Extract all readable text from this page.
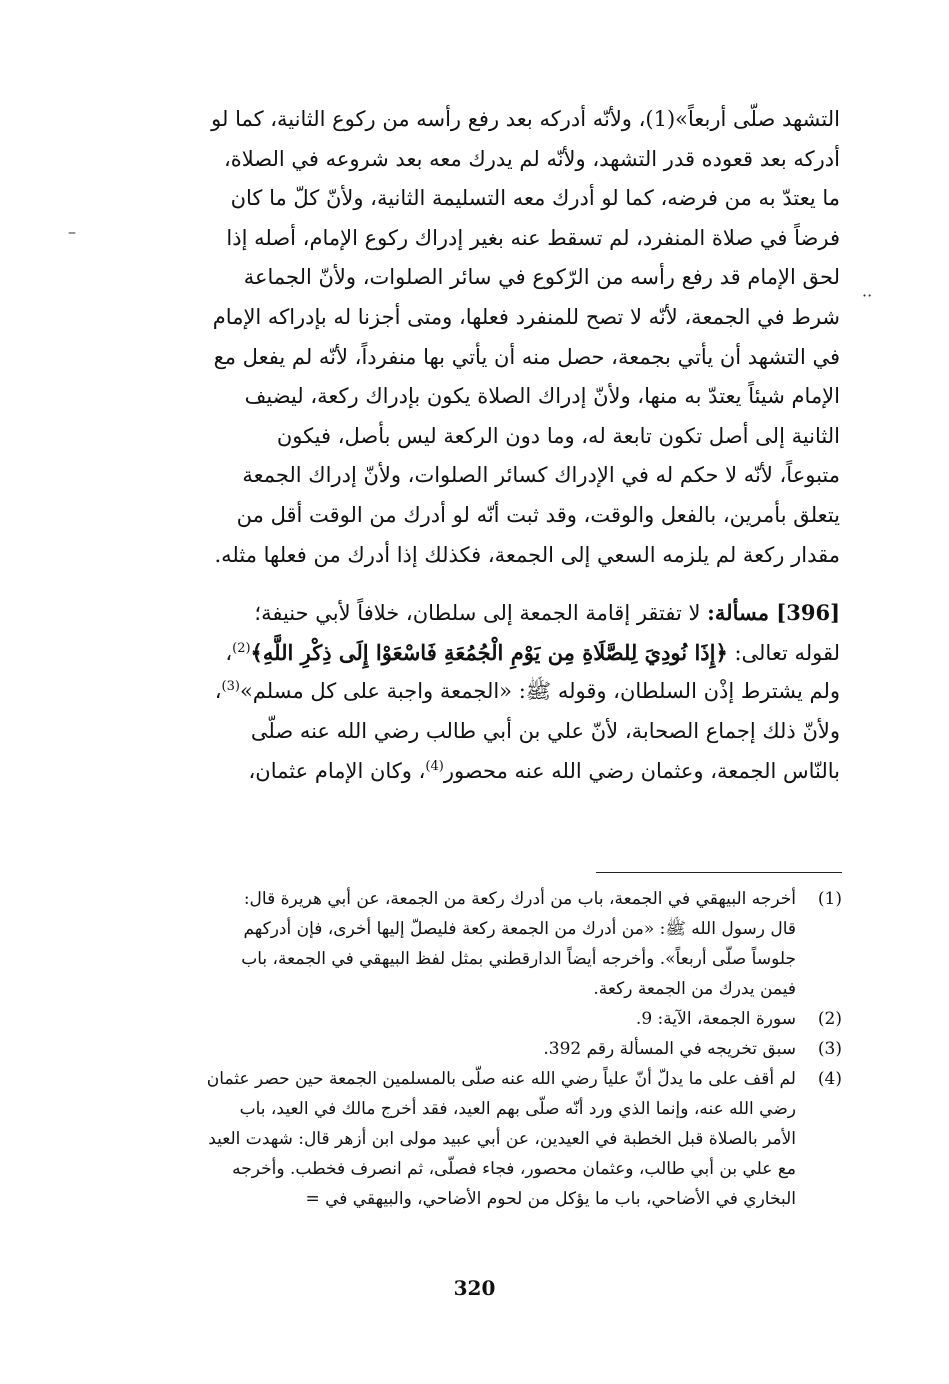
–
··
التشهد صلّى أربعاً»(1)، ولأنّه أدركه بعد رفع رأسه من ركوع الثانية، كما لو
أدركه بعد قعوده قدر التشهد، ولأنّه لم يدرك معه بعد شروعه في الصلاة،
ما يعتدّ به من فرضه، كما لو أدرك معه التسليمة الثانية، ولأنّ كلّ ما كان
فرضاً في صلاة المنفرد، لم تسقط عنه بغير إدراك ركوع الإمام، أصله إذا
لحق الإمام قد رفع رأسه من الرّكوع في سائر الصلوات، ولأنّ الجماعة
شرط في الجمعة، لأنّه لا تصح للمنفرد فعلها، ومتى أجزنا له بإدراكه الإمام
في التشهد أن يأتي بجمعة، حصل منه أن يأتي بها منفرداً، لأنّه لم يفعل مع
الإمام شيئاً يعتدّ به منها، ولأنّ إدراك الصلاة يكون بإدراك ركعة، ليضيف
الثانية إلى أصل تكون تابعة له، وما دون الركعة ليس بأصل، فيكون
متبوعاً، لأنّه لا حكم له في الإدراك كسائر الصلوات، ولأنّ إدراك الجمعة
يتعلق بأمرين، بالفعل والوقت، وقد ثبت أنّه لو أدرك من الوقت أقل من
مقدار ركعة لم يلزمه السعي إلى الجمعة، فكذلك إذا أدرك من فعلها مثله.
[396] مسألة: لا تفتقر إقامة الجمعة إلى سلطان، خلافاً لأبي حنيفة؛
لقوله تعالى: ﴿إِذَا نُودِيَ لِلصَّلَاةِ مِن يَوْمِ الْجُمُعَةِ فَاسْعَوْا إِلَى ذِكْرِ اللَّهِ﴾$^{(2)}$،
ولم يشترط إذْن السلطان، وقوله ﷺ: «الجمعة واجبة على كل مسلم»$^{(3)}$،
ولأنّ ذلك إجماع الصحابة، لأنّ علي بن أبي طالب رضي الله عنه صلّى
بالنّاس الجمعة، وعثمان رضي الله عنه محصور$^{(4)}$، وكان الإمام عثمان،
(1)
أخرجه البيهقي في الجمعة، باب من أدرك ركعة من الجمعة، عن أبي هريرة قال:
قال رسول الله ﷺ: «من أدرك من الجمعة ركعة فليصلّ إليها أخرى، فإن أدركهم
جلوساً صلّى أربعاً». وأخرجه أيضاً الدارقطني بمثل لفظ البيهقي في الجمعة، باب
فيمن يدرك من الجمعة ركعة.
(2)
سورة الجمعة، الآية: 9.
(3)
سبق تخريجه في المسألة رقم 392.
(4)
لم أقف على ما يدلّ أنّ علياً رضي الله عنه صلّى بالمسلمين الجمعة حين حصر عثمان
رضي الله عنه، وإنما الذي ورد أنّه صلّى بهم العيد، فقد أخرج مالك في العيد، باب
الأمر بالصلاة قبل الخطبة في العيدين، عن أبي عبيد مولى ابن أزهر قال: شهدت العيد
مع علي بن أبي طالب، وعثمان محصور، فجاء فصلّى، ثم انصرف فخطب. وأخرجه
البخاري في الأضاحي، باب ما يؤكل من لحوم الأضاحي، والبيهقي في =
320
